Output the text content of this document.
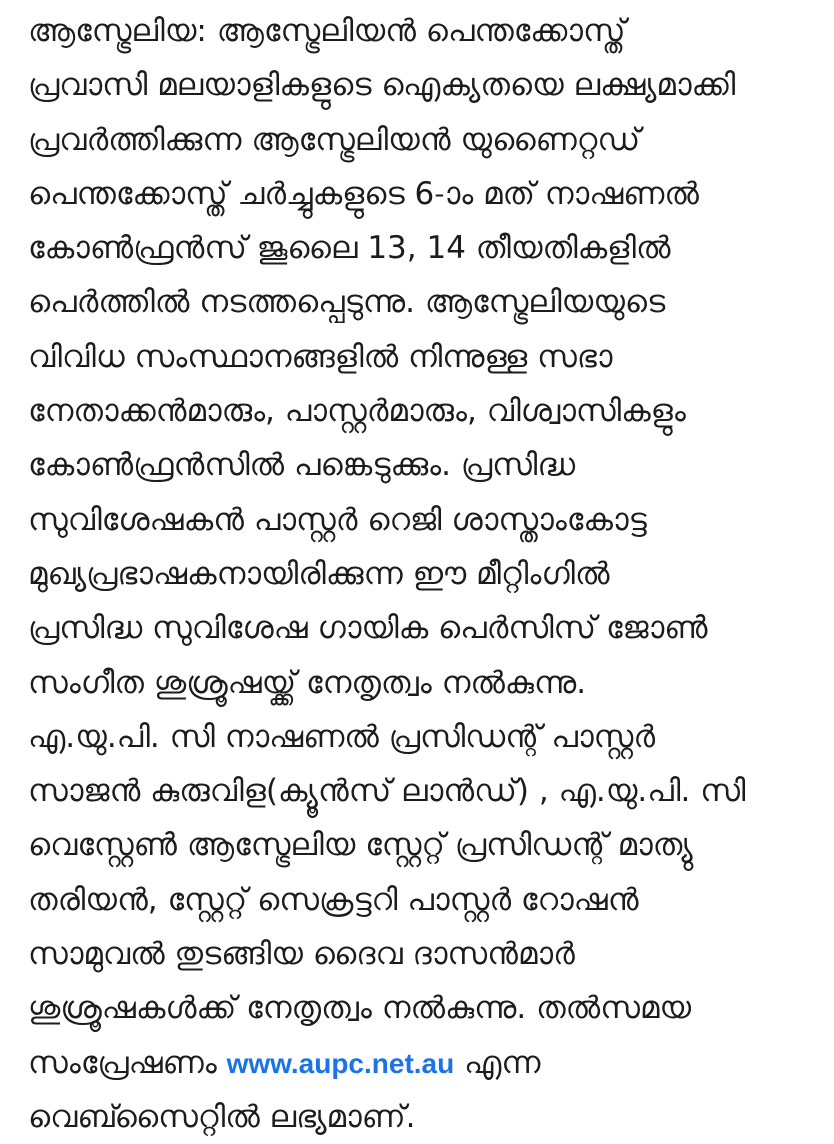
ആസ്ട്രേലിയ: ആസ്ട്രേലിയൻ പെന്തക്കോസ്ത്
പ്രവാസി മലയാളികളുടെ ഐക്യതയെ ലക്ഷ്യമാക്കി
പ്രവർത്തിക്കുന്ന ആസ്ട്രേലിയൻ യുണൈറ്റഡ്
പെന്തക്കോസ്ത് ചർച്ചുകളുടെ 6-ാം മത് നാഷണൽ
കോൺഫ്രൻസ് ജൂലൈ 13, 14 തീയതികളിൽ
പെർത്തിൽ നടത്തപ്പെടുന്നു. ആസ്ട്രേലിയയുടെ
വിവിധ സംസ്ഥാനങ്ങളിൽ നിന്നുള്ള സഭാ
നേതാക്കൻമാരും, പാസ്റ്റർമാരും, വിശ്വാസികളും
കോൺഫ്രൻസിൽ പങ്കെടുക്കും. പ്രസിദ്ധ
സുവിശേഷകൻ പാസ്റ്റർ റെജി ശാസ്താംകോട്ട
മുഖ്യപ്രഭാഷകനായിരിക്കുന്ന ഈ മീറ്റിംഗിൽ
പ്രസിദ്ധ സുവിശേഷ ഗായിക പെർസിസ് ജോൺ
സംഗീത ശുശ്രൂഷയ്ക്ക് നേതൃത്വം നൽകുന്നു.
എ.യു.പി. സി നാഷണൽ പ്രസിഡന്റ് പാസ്റ്റർ
സാജൻ കുരുവിള(ക്യൂൻസ് ലാൻഡ്) , എ.യു.പി. സി
വെസ്റ്റേൺ ആസ്ട്രേലിയ സ്റ്റേറ്റ് പ്രസിഡന്റ് മാത്യു
തരിയൻ, സ്റ്റേറ്റ് സെക്രട്ടറി പാസ്റ്റർ റോഷൻ
സാമുവൽ തുടങ്ങിയ ദൈവ ദാസൻമാർ
ശുശ്രൂഷകൾക്ക് നേതൃത്വം നൽകുന്നു. തൽസമയ
സംപ്രേഷണം www.aupc.net.au എന്ന
വെബ്സൈറ്റിൽ ലഭ്യമാണ്.
